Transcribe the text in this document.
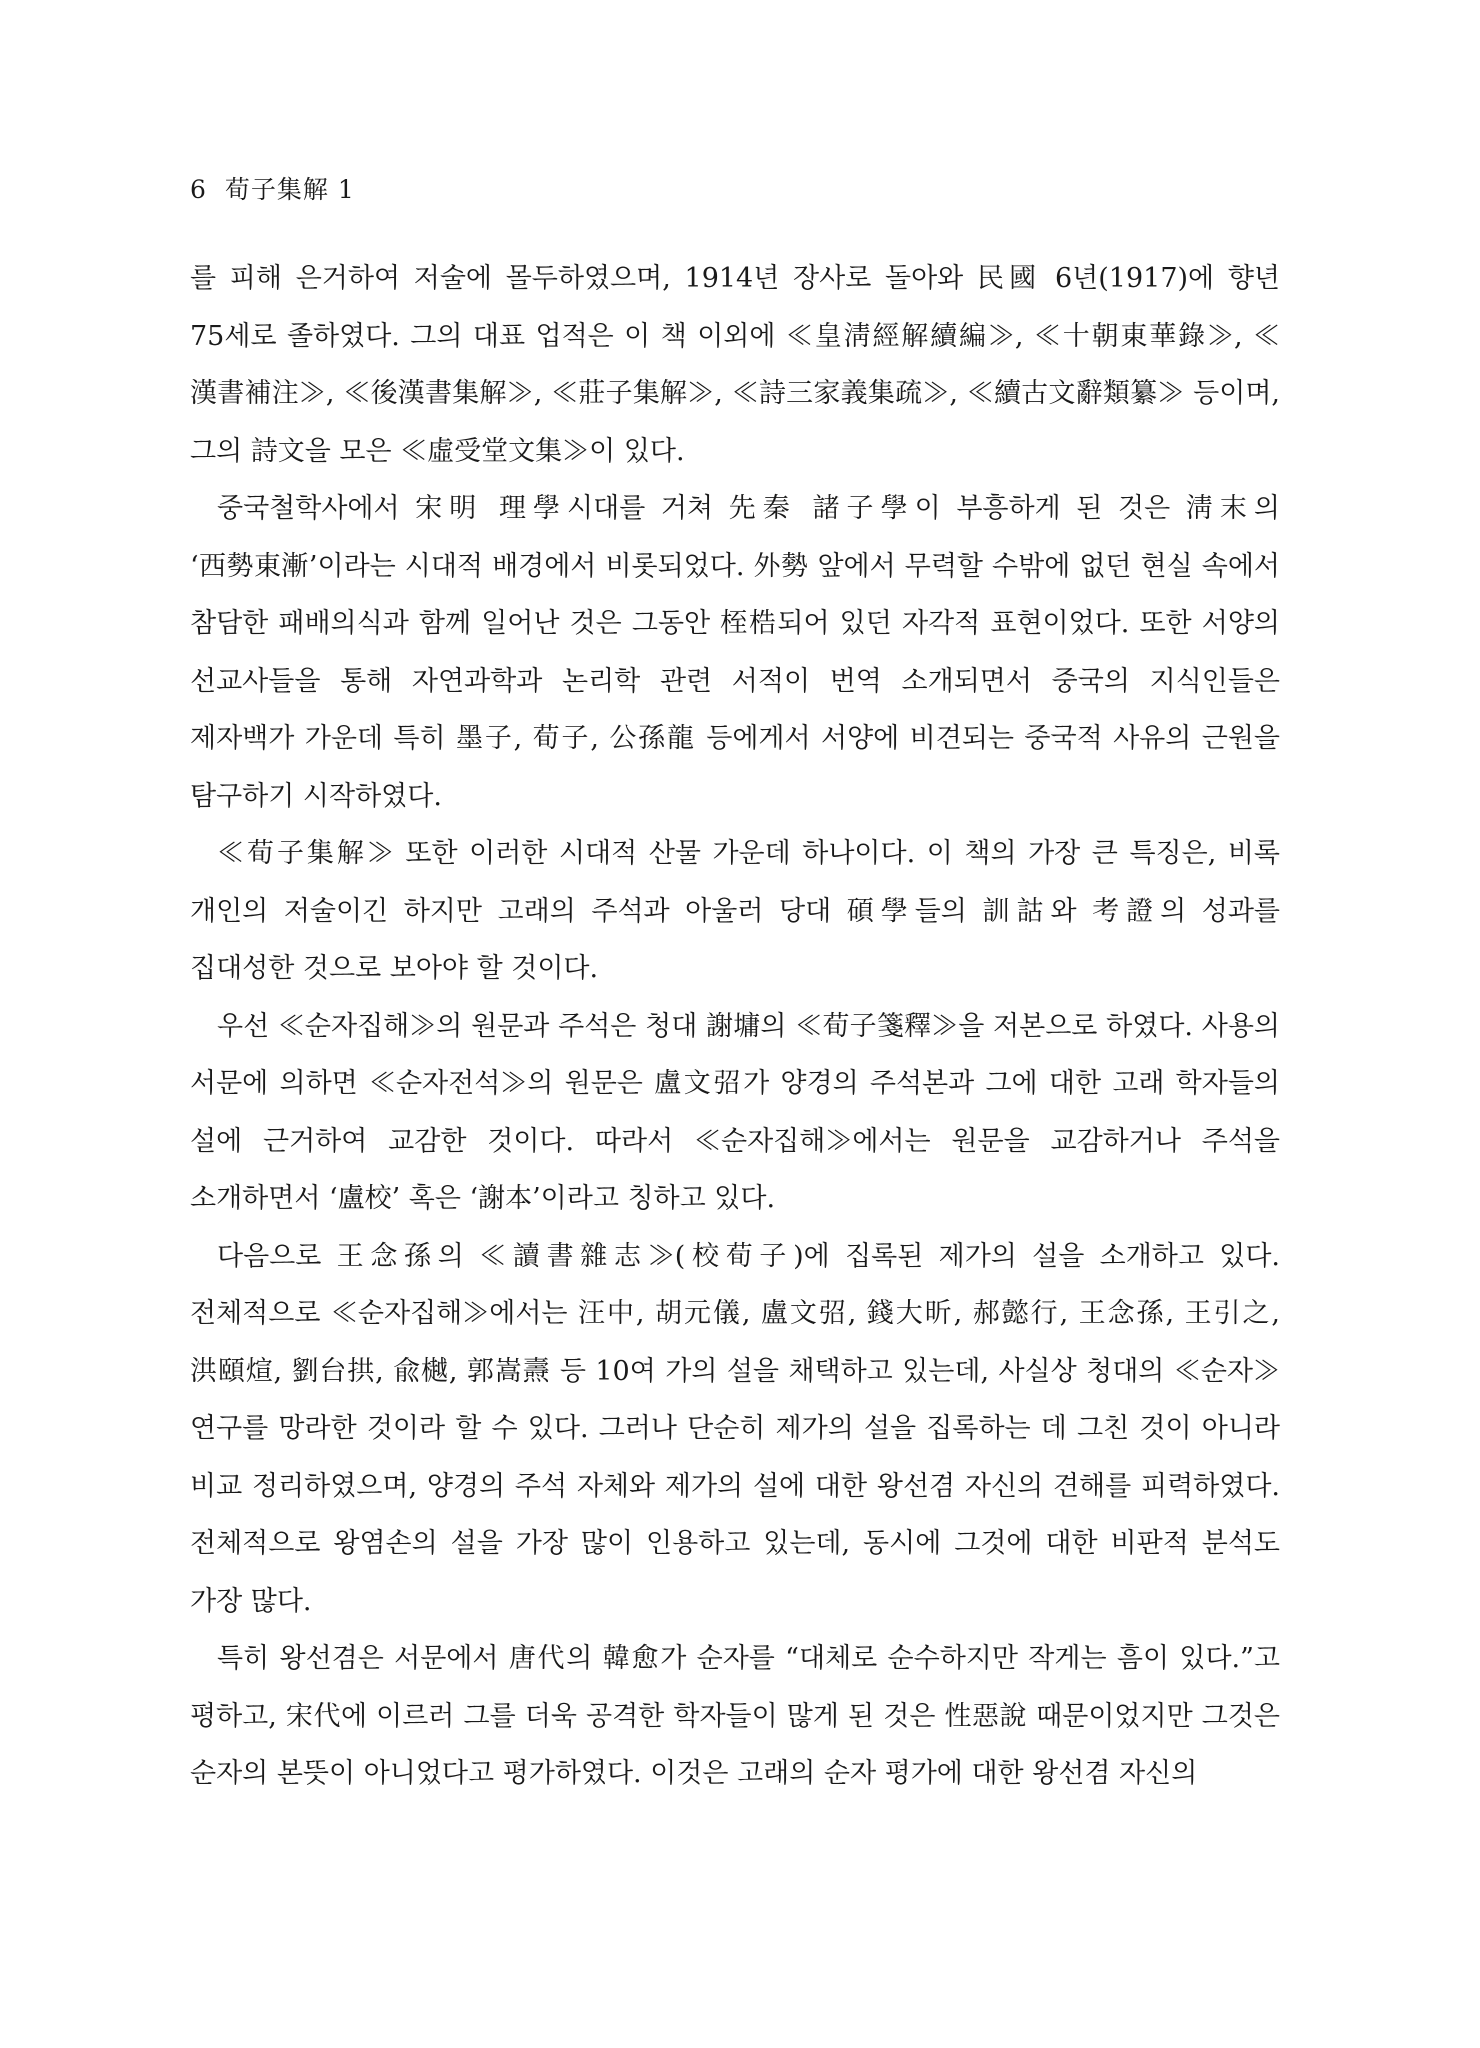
6 荀子集解 1

를 피해 은거하여 저술에 몰두하였으며, 1914년 장사로 돌아와 民國 6년(1917)에 향년 75세로 졸하였다. 그의 대표 업적은 이 책 이외에 ≪皇淸經解續編≫, ≪十朝東華錄≫, ≪漢書補注≫, ≪後漢書集解≫, ≪莊子集解≫, ≪詩三家義集疏≫, ≪續古文辭類纂≫ 등이며, 그의 詩文을 모은 ≪虛受堂文集≫이 있다.

중국철학사에서 宋明 理學시대를 거쳐 先秦 諸子學이 부흥하게 된 것은 淸末의 ‘西勢東漸’이라는 시대적 배경에서 비롯되었다. 外勢 앞에서 무력할 수밖에 없던 현실 속에서 참담한 패배의식과 함께 일어난 것은 그동안 桎梏되어 있던 자각적 표현이었다. 또한 서양의 선교사들을 통해 자연과학과 논리학 관련 서적이 번역 소개되면서 중국의 지식인들은 제자백가 가운데 특히 墨子, 荀子, 公孫龍 등에게서 서양에 비견되는 중국적 사유의 근원을 탐구하기 시작하였다.

≪荀子集解≫ 또한 이러한 시대적 산물 가운데 하나이다. 이 책의 가장 큰 특징은, 비록 개인의 저술이긴 하지만 고래의 주석과 아울러 당대 碩學들의 訓詁와 考證의 성과를 집대성한 것으로 보아야 할 것이다.

우선 ≪순자집해≫의 원문과 주석은 청대 謝墉의 ≪荀子箋釋≫을 저본으로 하였다. 사용의 서문에 의하면 ≪순자전석≫의 원문은 盧文弨가 양경의 주석본과 그에 대한 고래 학자들의 설에 근거하여 교감한 것이다. 따라서 ≪순자집해≫에서는 원문을 교감하거나 주석을 소개하면서 ‘盧校’ 혹은 ‘謝本’이라고 칭하고 있다.

다음으로 王念孫의 ≪讀書雜志≫(校荀子)에 집록된 제가의 설을 소개하고 있다. 전체적으로 ≪순자집해≫에서는 汪中, 胡元儀, 盧文弨, 錢大昕, 郝懿行, 王念孫, 王引之, 洪頤煊, 劉台拱, 兪樾, 郭嵩燾 등 10여 가의 설을 채택하고 있는데, 사실상 청대의 ≪순자≫ 연구를 망라한 것이라 할 수 있다. 그러나 단순히 제가의 설을 집록하는 데 그친 것이 아니라 비교 정리하였으며, 양경의 주석 자체와 제가의 설에 대한 왕선겸 자신의 견해를 피력하였다. 전체적으로 왕염손의 설을 가장 많이 인용하고 있는데, 동시에 그것에 대한 비판적 분석도 가장 많다.

특히 왕선겸은 서문에서 唐代의 韓愈가 순자를 “대체로 순수하지만 작게는 흠이 있다.”고 평하고, 宋代에 이르러 그를 더욱 공격한 학자들이 많게 된 것은 性惡說 때문이었지만 그것은 순자의 본뜻이 아니었다고 평가하였다. 이것은 고래의 순자 평가에 대한 왕선겸 자신의
